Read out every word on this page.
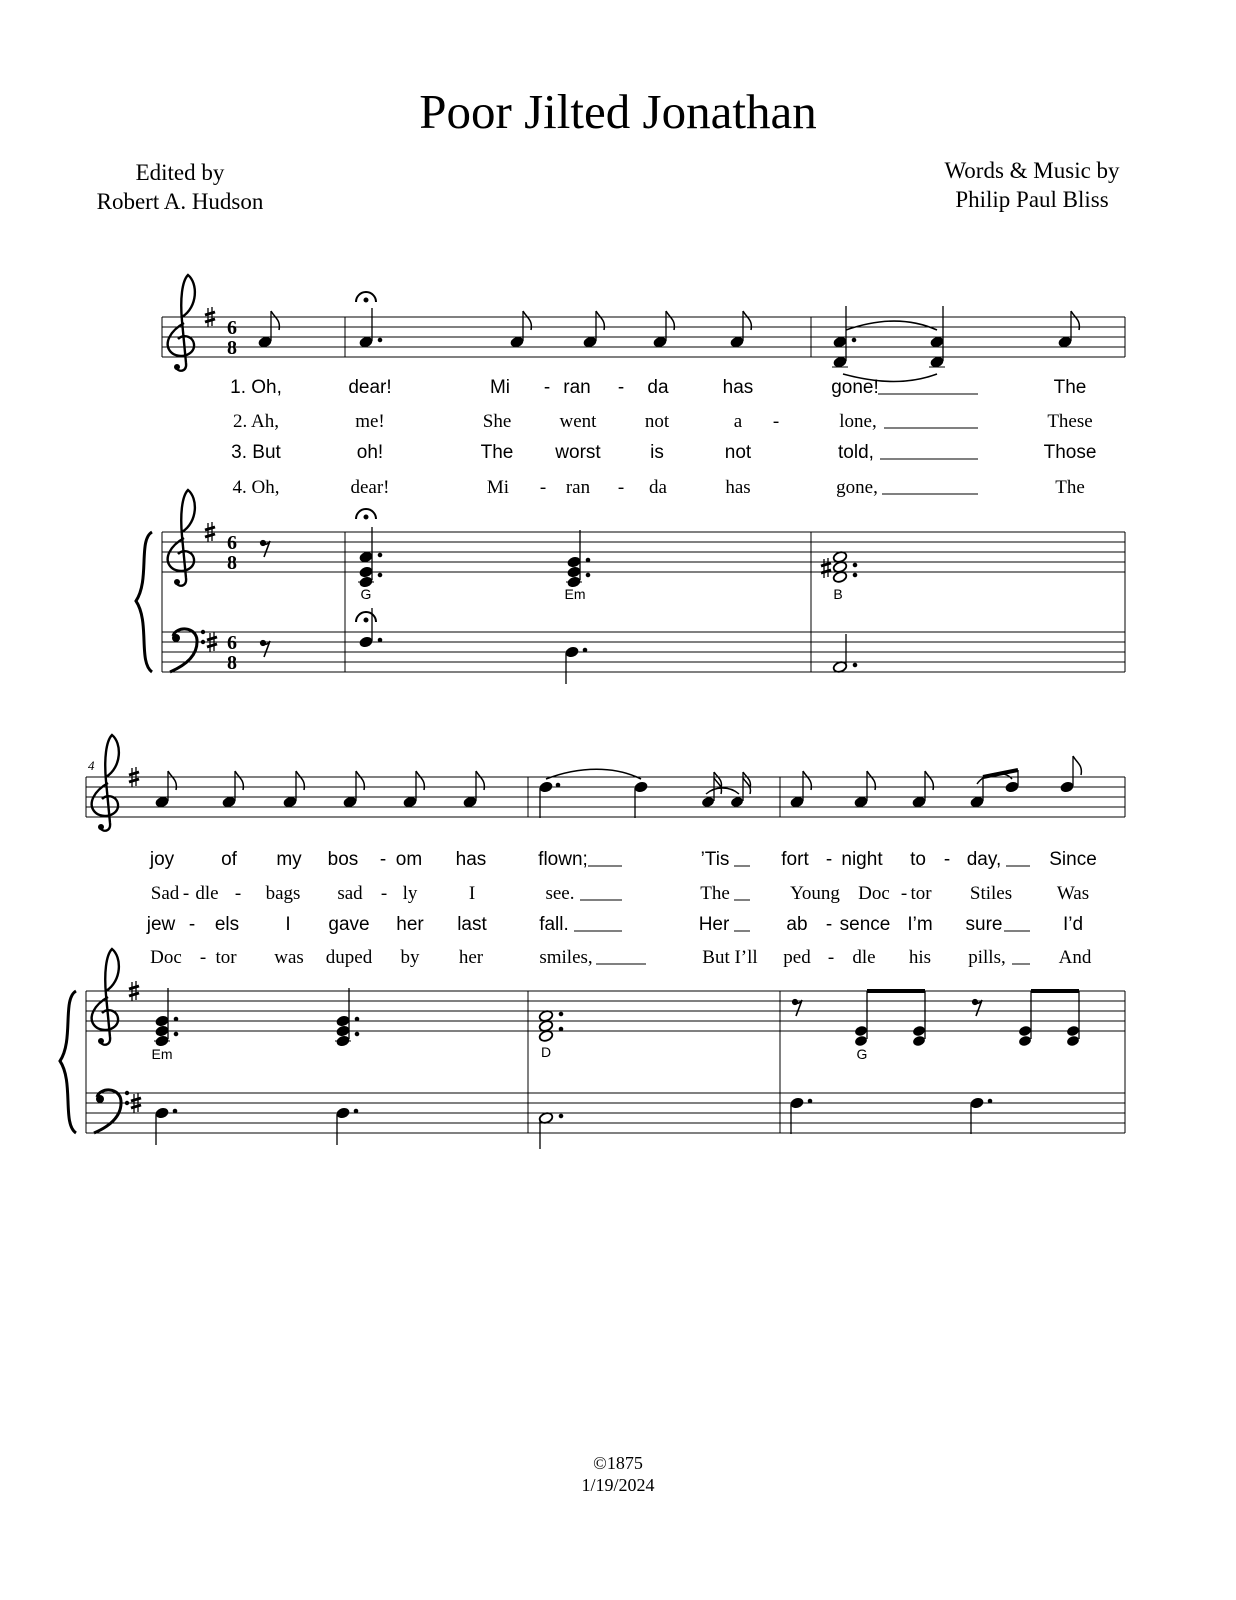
Poor Jilted Jonathan
Edited by
Robert A. Hudson
Words & Music by
Philip Paul Bliss
6
8
1. Oh,	dear!	Mi - ran - da	has	gone!	The
2. Ah,	me!	She	went	not	a -	lone,	These
3. But	oh!	The worst	is	not	told,	Those
4. Oh,	dear!	Mi - ran - da	has	gone,	The
6
8
6
8
G	Em	B
4
joy of my bos - om has	flown;	’Tis	fort - night to - day,	Since
Sad - dle - bags sad - ly	I	see.	The	Young Doc - tor Stiles Was
jew - els I gave her last	fall.	Her	ab - sence I’m sure	I’d
Doc - tor was duped by her	smiles,	But I’ll ped - dle his pills,	And
Em	D	G
©1875
1/19/2024
